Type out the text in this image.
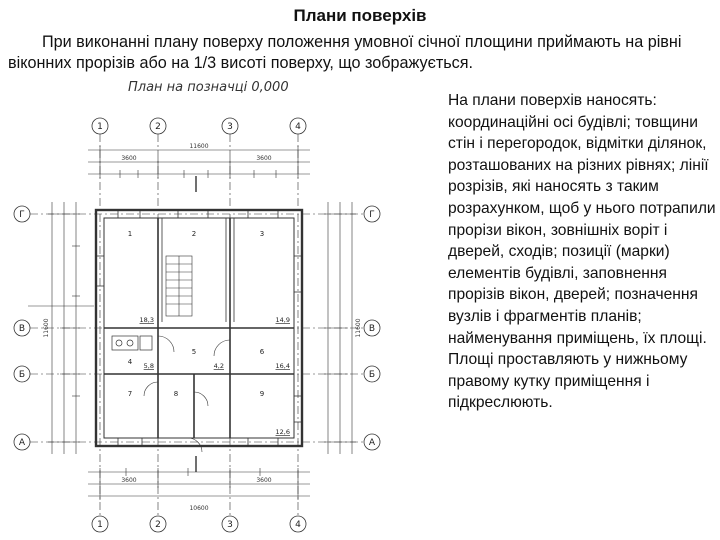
Плани поверхів
При виконанні плану поверху положення умовної січної площини приймають на рівні віконних прорізів або на 1/3 висоті поверху, що зображується.
План на позначці 0,000
1	2	3	4
1	2	3	4
Г
В
Б
А
Г
В
Б
А
11600
10600
3600	3600
3600	3600
11600	11600
1	2	3
4
5	6
7	8	9
18,3	14,9
16,4
5,8	4,2
12,6
На плани поверхів наносять: координаційні осі будівлі; товщини стін і перегородок, відмітки ділянок, розташованих на різних рівнях; лінії розрізів, які наносять з таким розрахунком, щоб у нього потрапили прорізи вікон, зовнішніх воріт і дверей, сходів; позиції (марки) елементів будівлі, заповнення прорізів вікон, дверей; позначення вузлів і фрагментів планів; найменування приміщень, їх площі. Площі проставляють у нижньому правому кутку приміщення і підкреслюють.
